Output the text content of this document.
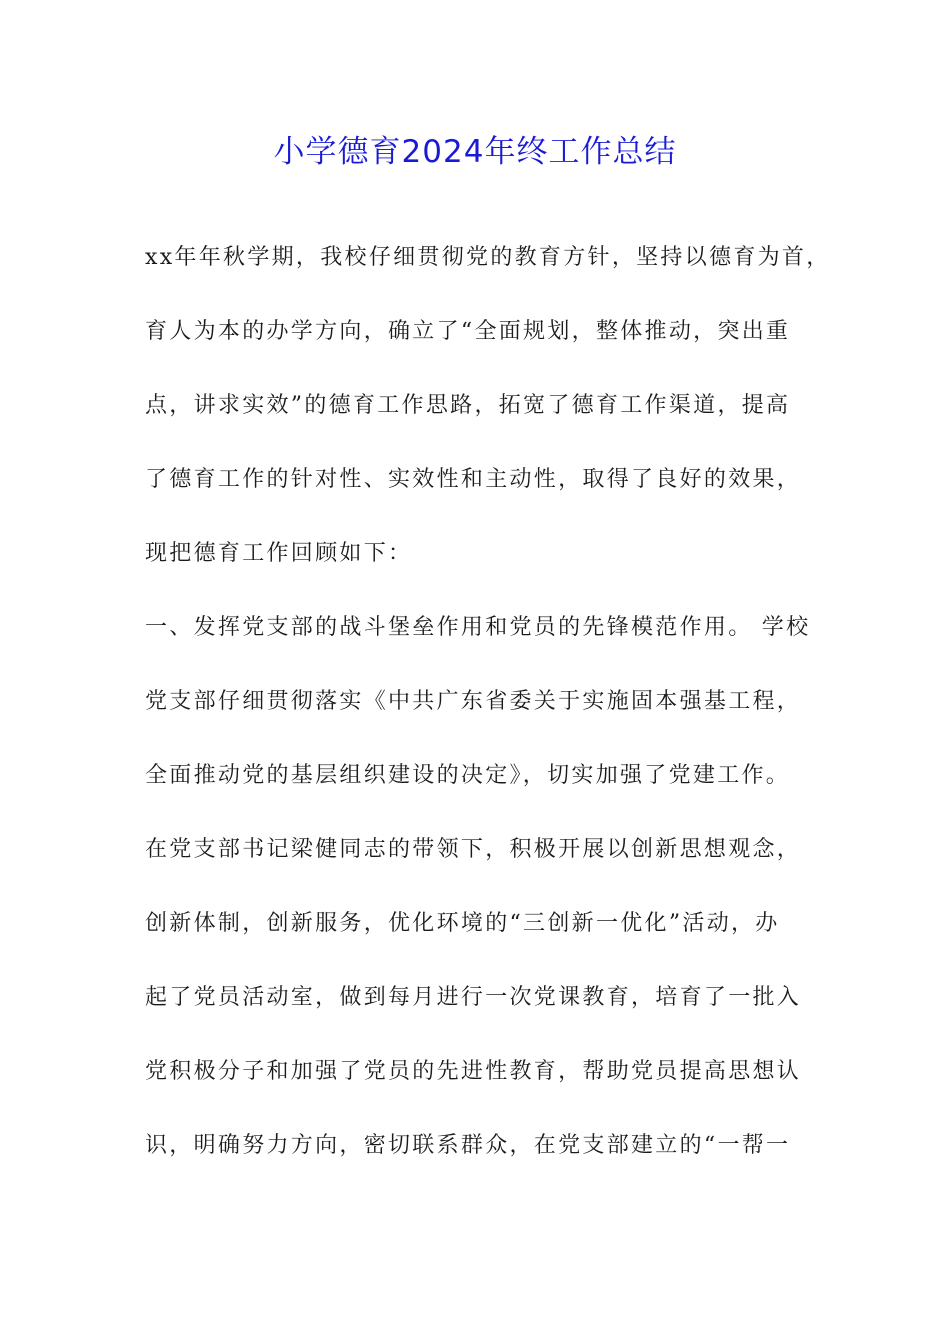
小学德育2024年终工作总结

xx年年秋学期，我校仔细贯彻党的教育方针，坚持以德育为首，

育人为本的办学方向，确立了“全面规划，整体推动，突出重

点，讲求实效”的德育工作思路，拓宽了德育工作渠道，提高

了德育工作的针对性、实效性和主动性，取得了良好的效果，

现把德育工作回顾如下：

一、发挥党支部的战斗堡垒作用和党员的先锋模范作用。 学校

党支部仔细贯彻落实《中共广东省委关于实施固本强基工程，

全面推动党的基层组织建设的决定》，切实加强了党建工作。

在党支部书记梁健同志的带领下，积极开展以创新思想观念，

创新体制，创新服务，优化环境的“三创新一优化”活动，办

起了党员活动室，做到每月进行一次党课教育，培育了一批入

党积极分子和加强了党员的先进性教育，帮助党员提高思想认

识，明确努力方向，密切联系群众，在党支部建立的“一帮一
